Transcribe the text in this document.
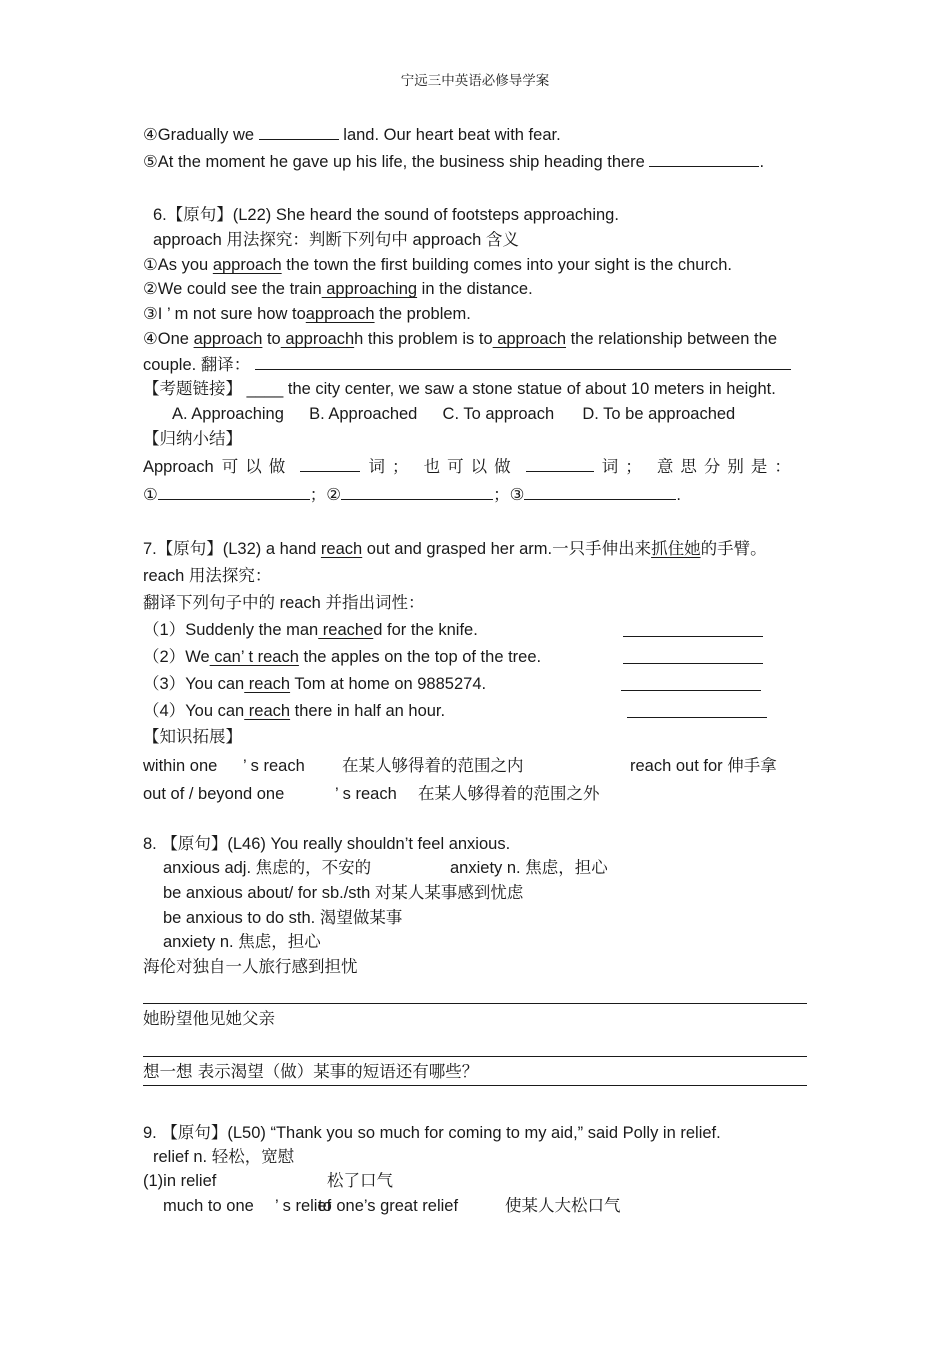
宁远三中英语必修导学案
④Gradually we	land. Our heart beat with fear.
⑤At the moment he gave up his life, the business ship heading there	.
6.【原句】(L22) She heard the sound of footsteps approaching.
approach 用法探究：判断下列句中 approach 含义
①As you approach the town the first building comes into your sight is the church.
②We could see the train approaching in the distance.
③I ’ m not sure how toapproach the problem.
④One approach to approachh this problem is to approach the relationship between the
couple. 翻译：
【考题链接】 ____ the city center, we saw a stone statue of about 10 meters in height.
A. Approaching B. Approached C. To approach D. To be approached
【归纳小结】
Approach 可以做	词； 也可以做	词； 意思分别是：
①	；②	；③	.
7.【原句】(L32) a hand reach out and grasped her arm.一只手伸出来抓住她的手臂。
reach 用法探究：
翻译下列句子中的 reach 并指出词性：
（1）Suddenly the man reached for the knife.
（2）We can’ t reach the apples on the top of the tree.
（3）You can reach Tom at home on 9885274.
（4）You can reach there in half an hour.
【知识拓展】
within one ’ s reach 在某人够得着的范围之内	reach out for 伸手拿
out of / beyond one	’ s reach 在某人够得着的范围之外
8. 【原句】(L46) You really shouldn’t feel anxious.
anxious adj. 焦虑的，不安的	anxiety n. 焦虑，担心
be anxious about/ for sb./sth 对某人某事感到忧虑
be anxious to do sth. 渴望做某事
anxiety n. 焦虑，担心
海伦对独自一人旅行感到担忧
她盼望他见她父亲
想一想 表示渴望（做）某事的短语还有哪些？
9. 【原句】(L50) “Thank you so much for coming to my aid,” said Polly in relief.
relief n. 轻松，宽慰
(1)in relief	松了口气
much to one ’ s relief
to one’s great relief	使某人大松口气
